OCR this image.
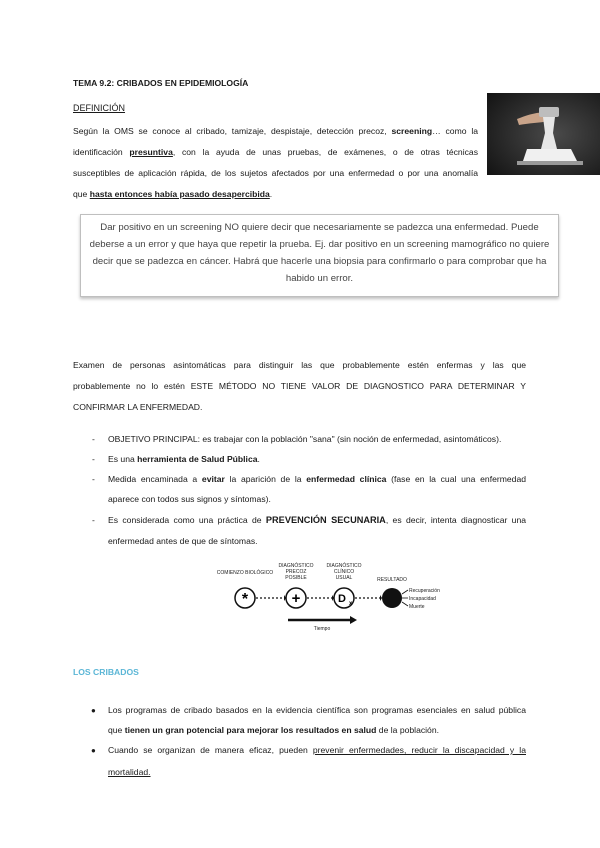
TEMA 9.2: CRIBADOS EN EPIDEMIOLOGÍA
DEFINICIÓN
Según la OMS se conoce al cribado, tamizaje, despistaje, detección precoz, screening… como la
identificación presuntiva, con la ayuda de unas pruebas, de exámenes, o de otras técnicas
susceptibles de aplicación rápida, de los sujetos afectados por una enfermedad o por una anomalía
que hasta entonces había pasado desapercibida.
Dar positivo en un screening NO quiere decir que necesariamente se padezca una enfermedad. Puede deberse a un error y que haya que repetir la prueba. Ej. dar positivo en un screening mamográfico no quiere decir que se padezca en cáncer. Habrá que hacerle una biopsia para confirmarlo o para comprobar que ha habido un error.
Examen de personas asintomáticas para distinguir las que probablemente estén enfermas y las que
probablemente no lo estén ESTE MÉTODO NO TIENE VALOR DE DIAGNOSTICO PARA DETERMINAR Y
CONFIRMAR LA ENFERMEDAD.
- OBJETIVO PRINCIPAL: es trabajar con la población "sana" (sin noción de enfermedad, asintomáticos).
- Es una herramienta de Salud Pública.
- Medida encaminada a evitar la aparición de la enfermedad clínica (fase en la cual una enfermedad
aparece con todos sus signos y síntomas).
- Es considerada como una práctica de PREVENCIÓN SECUNARIA, es decir, intenta diagnosticar una
enfermedad antes de que de síntomas.
COMIENZO BIOLÓGICO
DIAGNÓSTICO
PRECOZ
POSIBLE
DIAGNÓSTICO
CLÍNICO
USUAL	RESULTADO
*	+	D x
Recuperación
Incapacidad
Muerte
Tiempo
LOS CRIBADOS
● Los programas de cribado basados en la evidencia científica son programas esenciales en salud pública
que tienen un gran potencial para mejorar los resultados en salud de la población.
● Cuando se organizan de manera eficaz, pueden prevenir enfermedades, reducir la discapacidad y la
mortalidad.
